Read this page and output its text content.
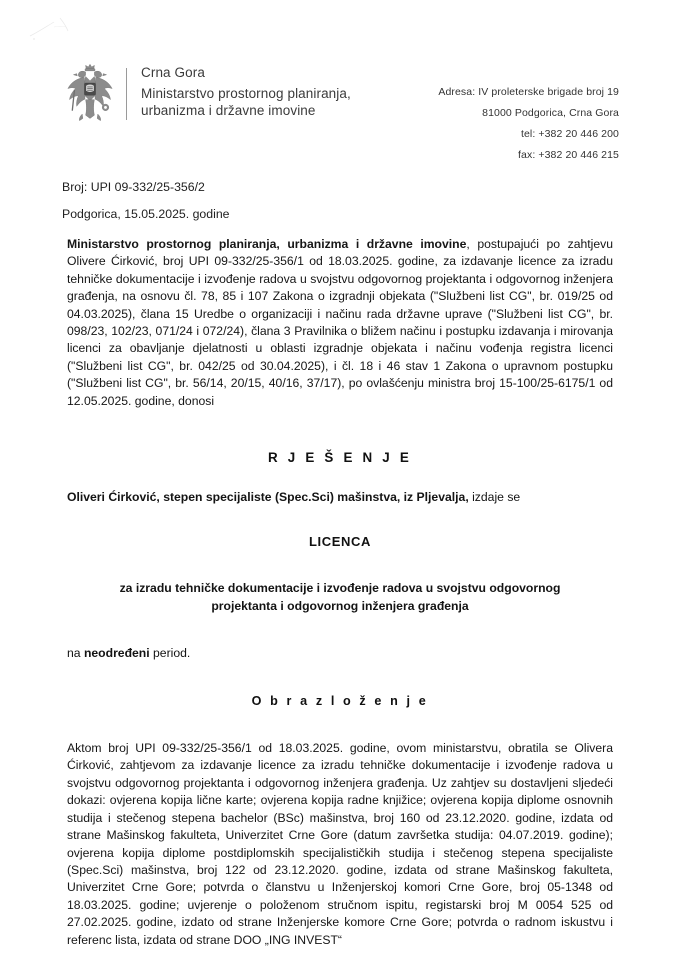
Crna Gora
Ministarstvo prostornog planiranja,
urbanizma i državne imovine
Adresa: IV proleterske brigade broj 19
81000 Podgorica, Crna Gora
tel: +382 20 446 200
fax: +382 20 446 215
Broj: UPI 09-332/25-356/2
Podgorica, 15.05.2025. godine

Ministarstvo prostornog planiranja, urbanizma i državne imovine, postupajući po zahtjevu Olivere Ćirković, broj UPI 09-332/25-356/1 od 18.03.2025. godine, za izdavanje licence za izradu tehničke dokumentacije i izvođenje radova u svojstvu odgovornog projektanta i odgovornog inženjera građenja, na osnovu čl. 78, 85 i 107 Zakona o izgradnji objekata ("Službeni list CG", br. 019/25 od 04.03.2025), člana 15 Uredbe o organizaciji i načinu rada državne uprave ("Službeni list CG", br. 098/23, 102/23, 071/24 i 072/24), člana 3 Pravilnika o bližem načinu i postupku izdavanja i mirovanja licenci za obavljanje djelatnosti u oblasti izgradnje objekata i načinu vođenja registra licenci ("Službeni list CG", br. 042/25 od 30.04.2025), i čl. 18 i 46 stav 1 Zakona o upravnom postupku ("Službeni list CG", br. 56/14, 20/15, 40/16, 37/17), po ovlašćenju ministra broj 15-100/25-6175/1 od 12.05.2025. godine, donosi

R J E Š E N J E

Oliveri Ćirković, stepen specijaliste (Spec.Sci) mašinstva, iz Pljevalja, izdaje se

LICENCA
za izradu tehničke dokumentacije i izvođenje radova u svojstvu odgovornog
projektanta i odgovornog inženjera građenja

na neodređeni period.

O b r a z l o ž e n j e

Aktom broj UPI 09-332/25-356/1 od 18.03.2025. godine, ovom ministarstvu, obratila se Olivera Ćirković, zahtjevom za izdavanje licence za izradu tehničke dokumentacije i izvođenje radova u svojstvu odgovornog projektanta i odgovornog inženjera građenja. Uz zahtjev su dostavljeni sljedeći dokazi: ovjerena kopija lične karte; ovjerena kopija radne knjižice; ovjerena kopija diplome osnovnih studija i stečenog stepena bachelor (BSc) mašinstva, broj 160 od 23.12.2020. godine, izdata od strane Mašinskog fakulteta, Univerzitet Crne Gore (datum završetka studija: 04.07.2019. godine); ovjerena kopija diplome postdiplomskih specijalističkih studija i stečenog stepena specijaliste (Spec.Sci) mašinstva, broj 122 od 23.12.2020. godine, izdata od strane Mašinskog fakulteta, Univerzitet Crne Gore; potvrda o članstvu u Inženjerskoj komori Crne Gore, broj 05-1348 od 18.03.2025. godine; uvjerenje o položenom stručnom ispitu, registarski broj M 0054 525 od 27.02.2025. godine, izdato od strane Inženjerske komore Crne Gore; potvrda o radnom iskustvu i referenc lista, izdata od strane DOO „ING INVEST“
